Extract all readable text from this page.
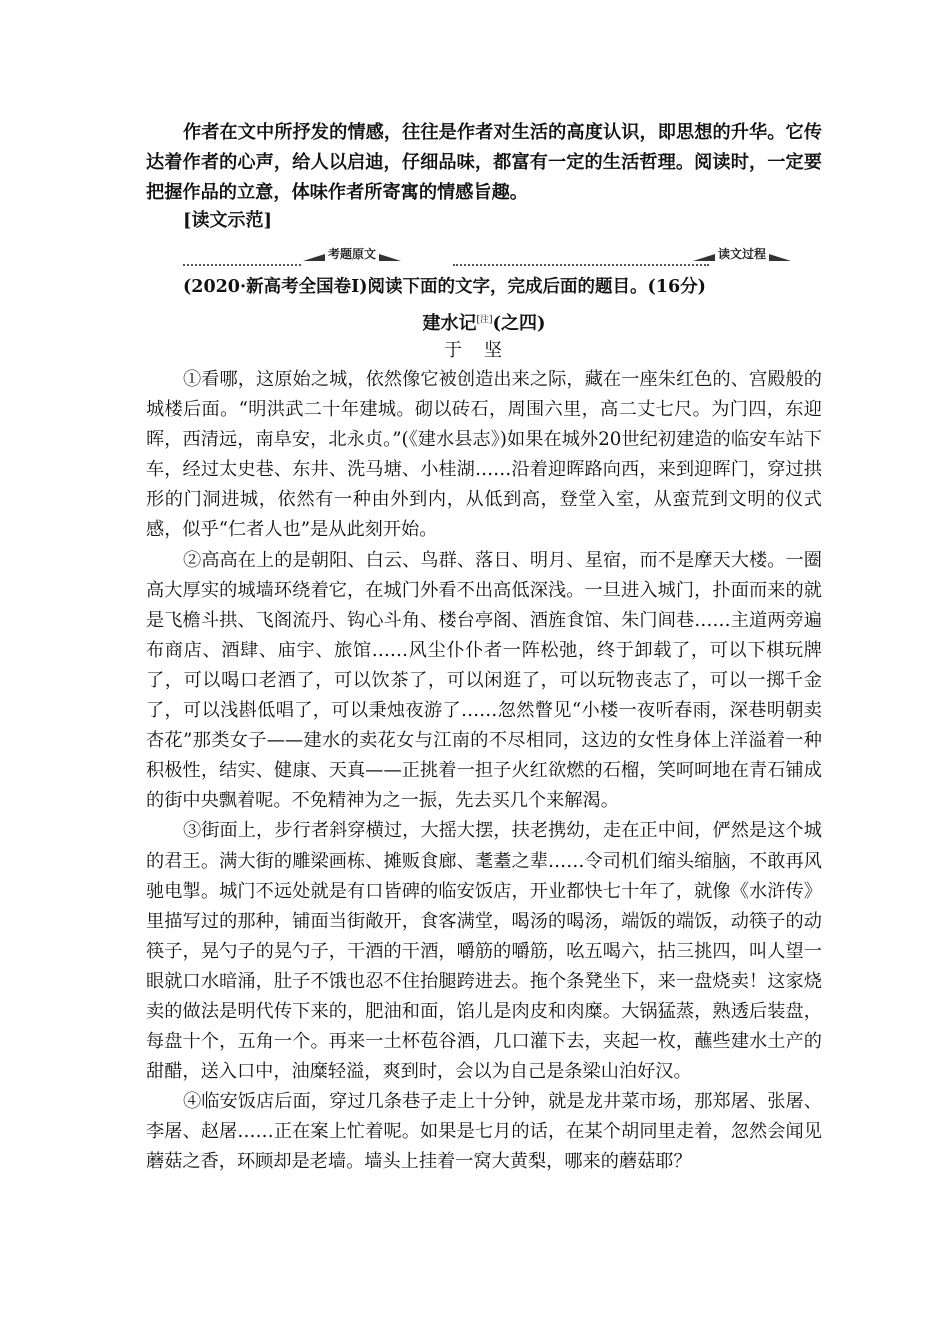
作者在文中所抒发的情感，往往是作者对生活的高度认识，即思想的升华。它传达着作者的心声，给人以启迪，仔细品味，都富有一定的生活哲理。阅读时，一定要把握作品的立意，体味作者所寄寓的情感旨趣。
[读文示范]
考题原文	读文过程
(2020·新高考全国卷Ⅰ)阅读下面的文字，完成后面的题目。(16分)
建水记[注](之四)
于坚

①看哪，这原始之城，依然像它被创造出来之际，藏在一座朱红色的、宫殿般的城楼后面。“明洪武二十年建城。砌以砖石，周围六里，高二丈七尺。为门四，东迎晖，西清远，南阜安，北永贞。”(《建水县志》)如果在城外20世纪初建造的临安车站下车，经过太史巷、东井、洗马塘、小桂湖……沿着迎晖路向西，来到迎晖门，穿过拱形的门洞进城，依然有一种由外到内，从低到高，登堂入室，从蛮荒到文明的仪式感，似乎“仁者人也”是从此刻开始。

②高高在上的是朝阳、白云、鸟群、落日、明月、星宿，而不是摩天大楼。一圈高大厚实的城墙环绕着它，在城门外看不出高低深浅。一旦进入城门，扑面而来的就是飞檐斗拱、飞阁流丹、钩心斗角、楼台亭阁、酒旌食馆、朱门闾巷……主道两旁遍布商店、酒肆、庙宇、旅馆……风尘仆仆者一阵松弛，终于卸载了，可以下棋玩牌了，可以喝口老酒了，可以饮茶了，可以闲逛了，可以玩物丧志了，可以一掷千金了，可以浅斟低唱了，可以秉烛夜游了……忽然瞥见“小楼一夜听春雨，深巷明朝卖杏花”那类女子——建水的卖花女与江南的不尽相同，这边的女性身体上洋溢着一种积极性，结实、健康、天真——正挑着一担子火红欲燃的石榴，笑呵呵地在青石铺成的街中央飘着呢。不免精神为之一振，先去买几个来解渴。

③街面上，步行者斜穿横过，大摇大摆，扶老携幼，走在正中间，俨然是这个城的君王。满大街的雕梁画栋、摊贩食廊、耄耋之辈……令司机们缩头缩脑，不敢再风驰电掣。城门不远处就是有口皆碑的临安饭店，开业都快七十年了，就像《水浒传》里描写过的那种，铺面当街敞开，食客满堂，喝汤的喝汤，端饭的端饭，动筷子的动筷子，晃勺子的晃勺子，干酒的干酒，嚼筋的嚼筋，吆五喝六，拈三挑四，叫人望一眼就口水暗涌，肚子不饿也忍不住抬腿跨进去。拖个条凳坐下，来一盘烧卖！这家烧卖的做法是明代传下来的，肥油和面，馅儿是肉皮和肉糜。大锅猛蒸，熟透后装盘，每盘十个，五角一个。再来一土杯苞谷酒，几口灌下去，夹起一枚，蘸些建水土产的甜醋，送入口中，油糜轻溢，爽到时，会以为自己是条梁山泊好汉。

④临安饭店后面，穿过几条巷子走上十分钟，就是龙井菜市场，那郑屠、张屠、李屠、赵屠……正在案上忙着呢。如果是七月的话，在某个胡同里走着，忽然会闻见蘑菇之香，环顾却是老墙。墙头上挂着一窝大黄梨，哪来的蘑菇耶？
